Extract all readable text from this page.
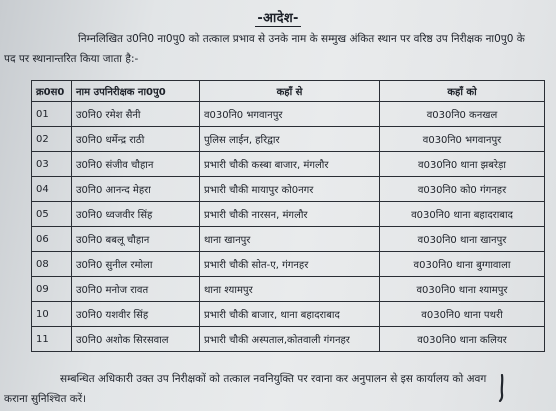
-आदेश-
निम्नलिखित उ0नि0 ना0पु0 को तत्काल प्रभाव से उनके नाम के सम्मुख अंकित स्थान पर वरिष्ठ उप निरीक्षक ना0पु0 के
पद पर स्थानान्तरित किया जाता है:-
क्र0स0	नाम उपनिरीक्षक ना0पु0	कहाँ से	कहाँ को
01	उ0नि0 रमेश सैनी	व030नि0 भगवानपुर	व030नि0 कनखल
02	उ0नि0 धर्मेन्द्र राठी	पुलिस लाईन, हरिद्वार	व030नि0 भगवानपुर
03	उ0नि0 संजीव चौहान	प्रभारी चौकी कस्बा बाजार, मंगलौर	व030नि0 थाना झबरेड़ा
04	उ0नि0 आनन्द मेहरा	प्रभारी चौकी मायापुर को0नगर	व030नि0 को0 गंगनहर
05	उ0नि0 ध्वजवीर सिंह	प्रभारी चौकी नारसन, मंगलौर	व030नि0 थाना बहादराबाद
06	उ0नि0 बबलू चौहान	थाना खानपुर	व030नि0 थाना खानपुर
08	उ0नि0 सुनील रमोला	प्रभारी चौकी सोत-ए, गंगनहर	व030नि0 थाना बुग्गावाला
09	उ0नि0 मनोज रावत	थाना श्यामपुर	व030नि0 थाना श्यामपुर
10	उ0नि0 यशवीर सिंह	प्रभारी चौकी बाजार, थाना बहादराबाद	व030नि0 थाना पथरी
11	उ0नि0 अशोक सिरसवाल	प्रभारी चौकी अस्पताल,कोतवाली गंगनहर	व030नि0 थाना कलियर
सम्बन्धित अधिकारी उक्त उप निरीक्षकों को तत्काल नवनियुक्ति पर रवाना कर अनुपालन से इस कार्यालय को अवग
कराना सुनिश्चित करें।
